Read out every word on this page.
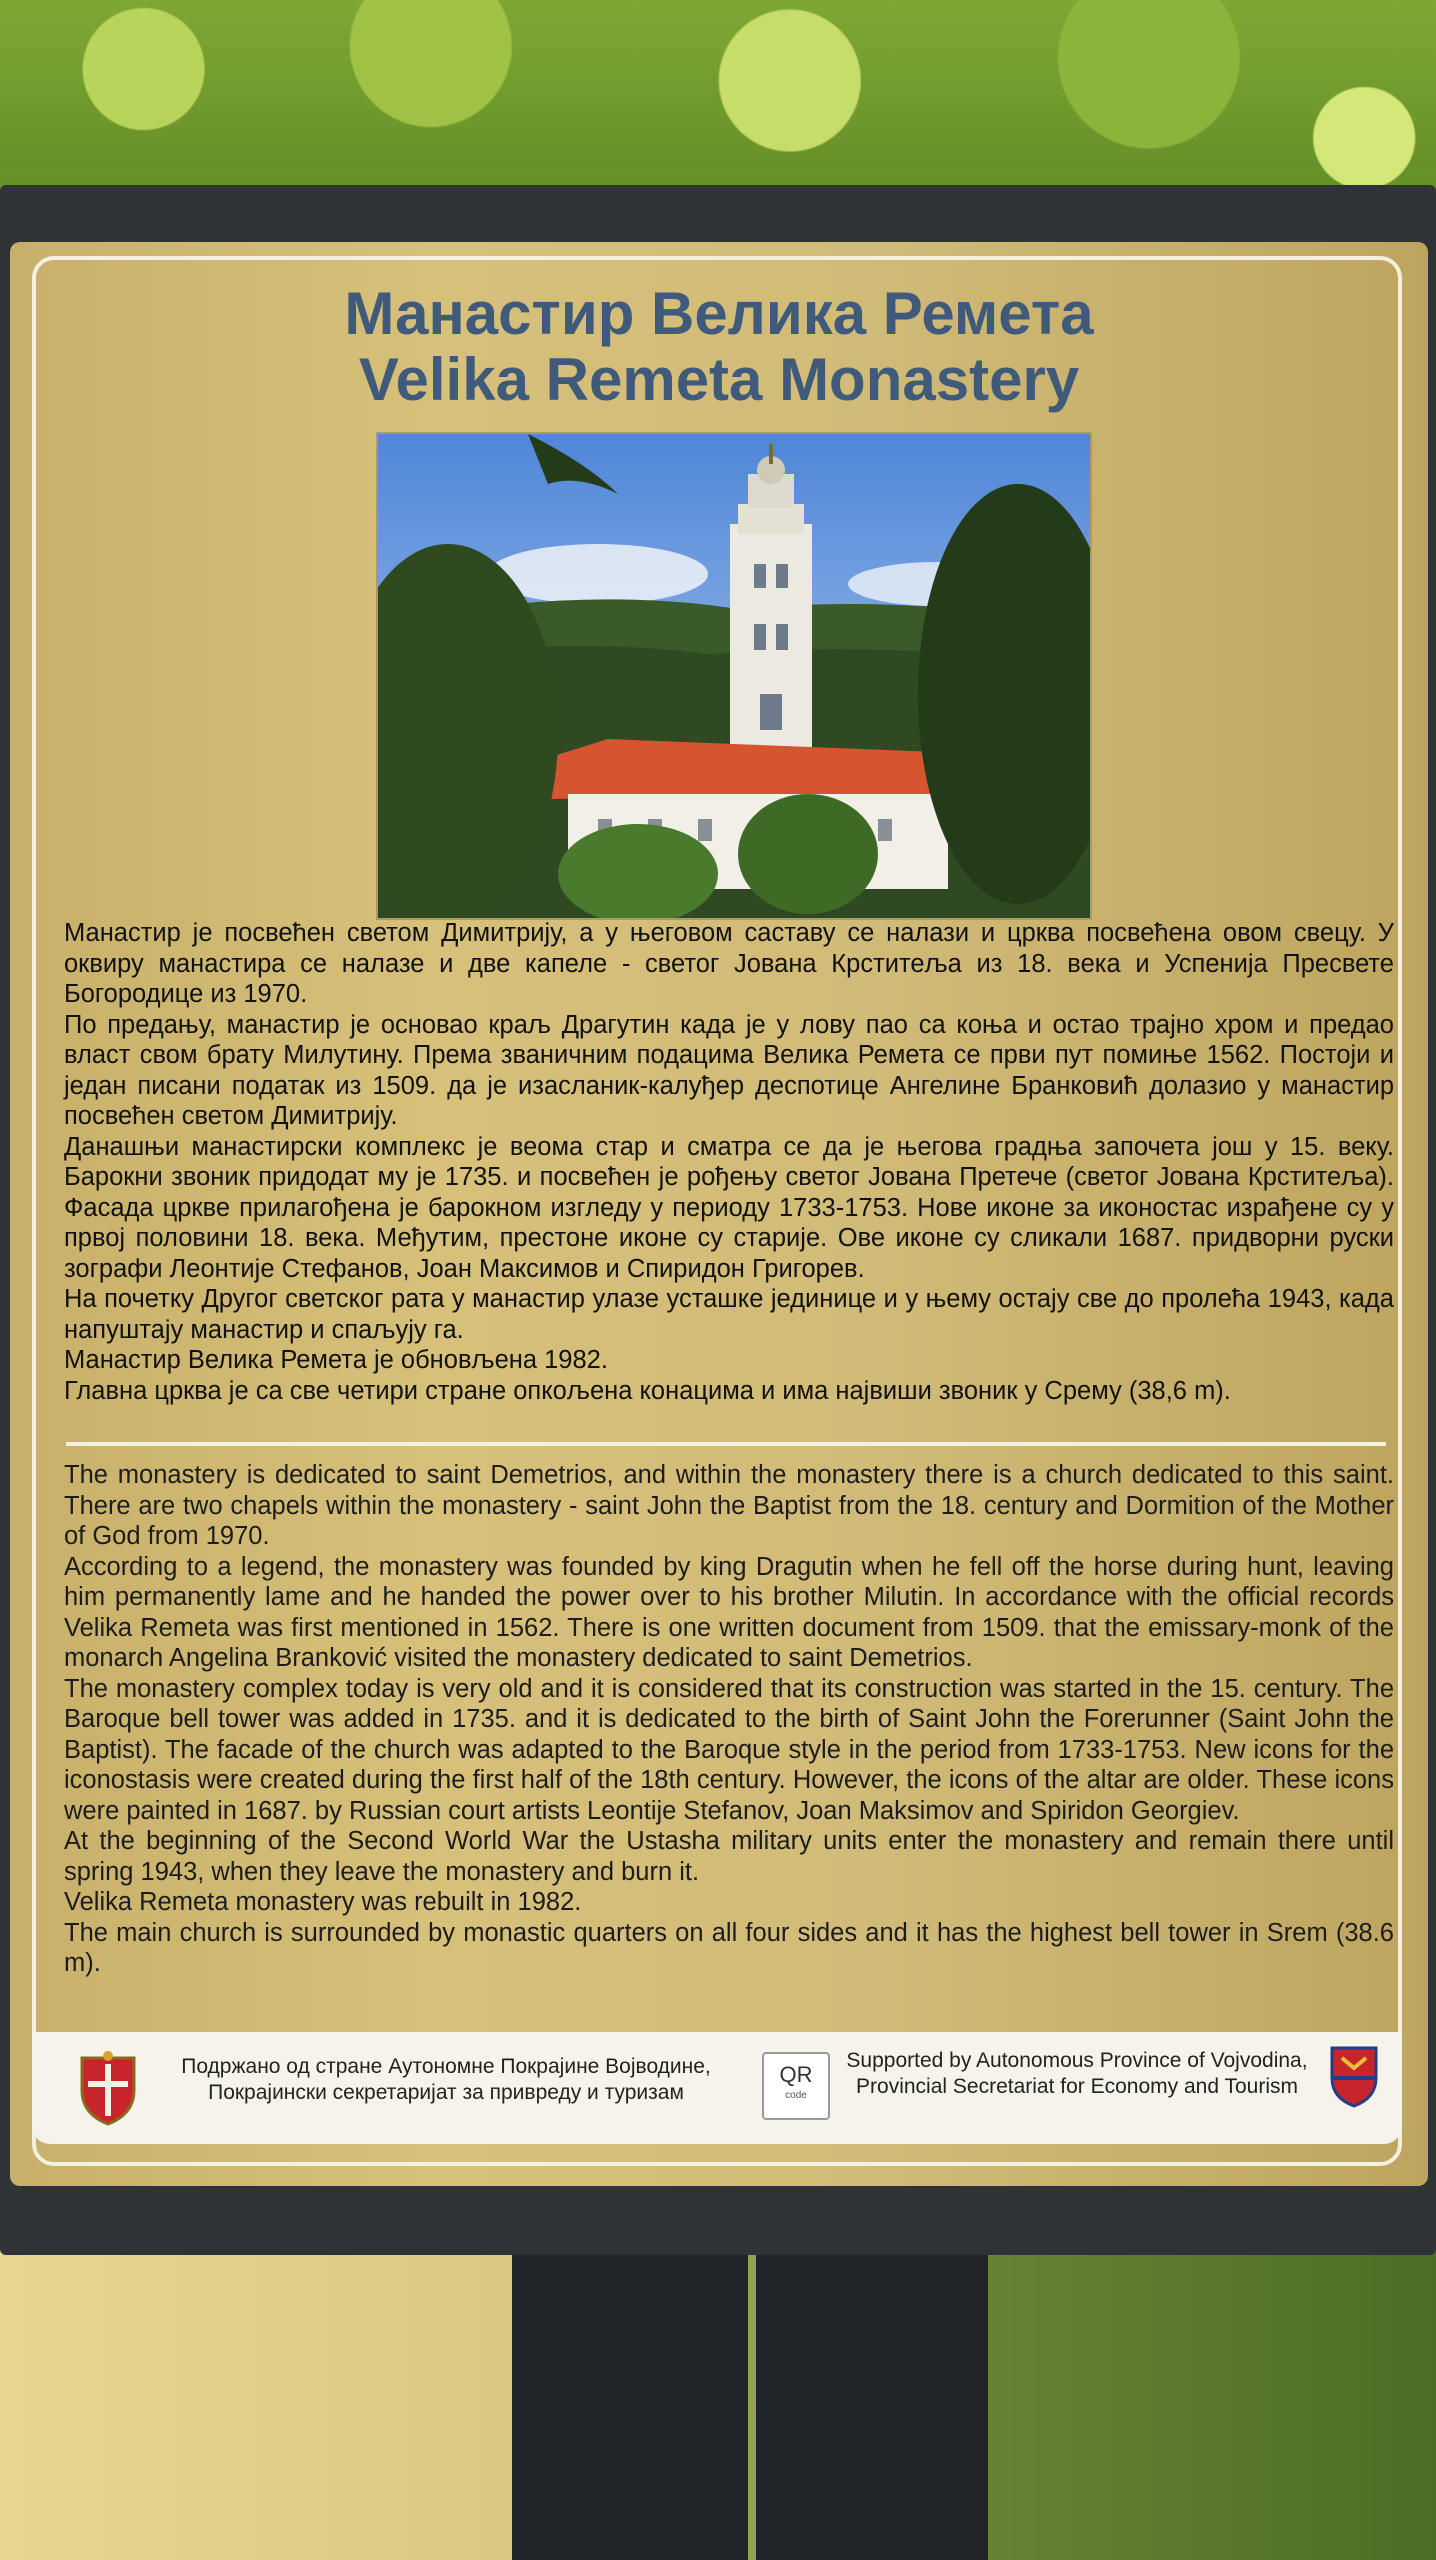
Манастир Велика Ремета
Velika Remeta Monastery

Манастир је посвећен светом Димитрију, а у његовом саставу се налази и црква посвећена овом свецу. У оквиру манастира се налазе и две капеле - светог Јована Крститеља из 18. века и Успенија Пресвете Богородице из 1970.

По предању, манастир је основао краљ Драгутин када је у лову пао са коња и остао трајно хром и предао власт свом брату Милутину. Према званичним подацима Велика Ремета се први пут помиње 1562. Постоји и један писани податак из 1509. да је изасланик-калуђер деспотице Ангелине Бранковић долазио у манастир посвећен светом Димитрију.

Данашњи манастирски комплекс је веома стар и сматра се да је његова градња започета још у 15. веку. Барокни звоник придодат му је 1735. и посвећен је рођењу светог Јована Претече (светог Јована Крститеља). Фасада цркве прилагођена је барокном изгледу у периоду 1733-1753. Нове иконе за иконостас израђене су у првој половини 18. века. Међутим, престоне иконе су старије. Ове иконе су сликали 1687. придворни руски зографи Леонтије Стефанов, Јоан Максимов и Спиридон Григорев.

На почетку Другог светског рата у манастир улазе усташке јединице и у њему остају све до пролећа 1943, када напуштају манастир и спаљују га.

Манастир Велика Ремета је обновљена 1982.

Главна црква је са све четири стране опкољена конацима и има највиши звоник у Срему (38,6 m).

The monastery is dedicated to saint Demetrios, and within the monastery there is a church dedicated to this saint. There are two chapels within the monastery - saint John the Baptist from the 18. century and Dormition of the Mother of God from 1970.

According to a legend, the monastery was founded by king Dragutin when he fell off the horse during hunt, leaving him permanently lame and he handed the power over to his brother Milutin. In accordance with the official records Velika Remeta was first mentioned in 1562. There is one written document from 1509. that the emissary-monk of the monarch Angelina Branković visited the monastery dedicated to saint Demetrios.

The monastery complex today is very old and it is considered that its construction was started in the 15. century. The Baroque bell tower was added in 1735. and it is dedicated to the birth of Saint John the Forerunner (Saint John the Baptist). The facade of the church was adapted to the Baroque style in the period from 1733-1753. New icons for the iconostasis were created during the first half of the 18th century. However, the icons of the altar are older. These icons were painted in 1687. by Russian court artists Leontije Stefanov, Joan Maksimov and Spiridon Georgiev.

At the beginning of the Second World War the Ustasha military units enter the monastery and remain there until spring 1943, when they leave the monastery and burn it.

Velika Remeta monastery was rebuilt in 1982.

The main church is surrounded by monastic quarters on all four sides and it has the highest bell tower in Srem (38.6 m).

Подржано од стране Аутономне Покрајине Војводине,
Покрајински секретаријат за привреду и туризам
QR
code
Supported by Autonomous Province of Vojvodina,
Provincial Secretariat for Economy and Tourism
